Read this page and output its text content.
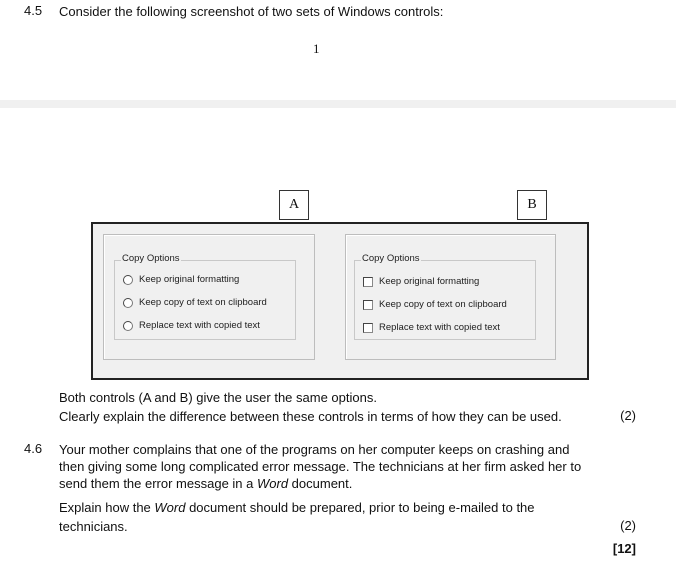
4.5 Consider the following screenshot of two sets of Windows controls:
1
A	B
Copy Options
Keep original formatting
Keep copy of text on clipboard
Replace text with copied text
Copy Options
Keep original formatting
Keep copy of text on clipboard
Replace text with copied text
Both controls (A and B) give the user the same options.
Clearly explain the difference between these controls in terms of how they can be used.	(2)
4.6 Your mother complains that one of the programs on her computer keeps on crashing and
then giving some long complicated error message. The technicians at her firm asked her to
send them the error message in a Word document.
Explain how the Word document should be prepared, prior to being e-mailed to the
technicians.	(2)
[12]
